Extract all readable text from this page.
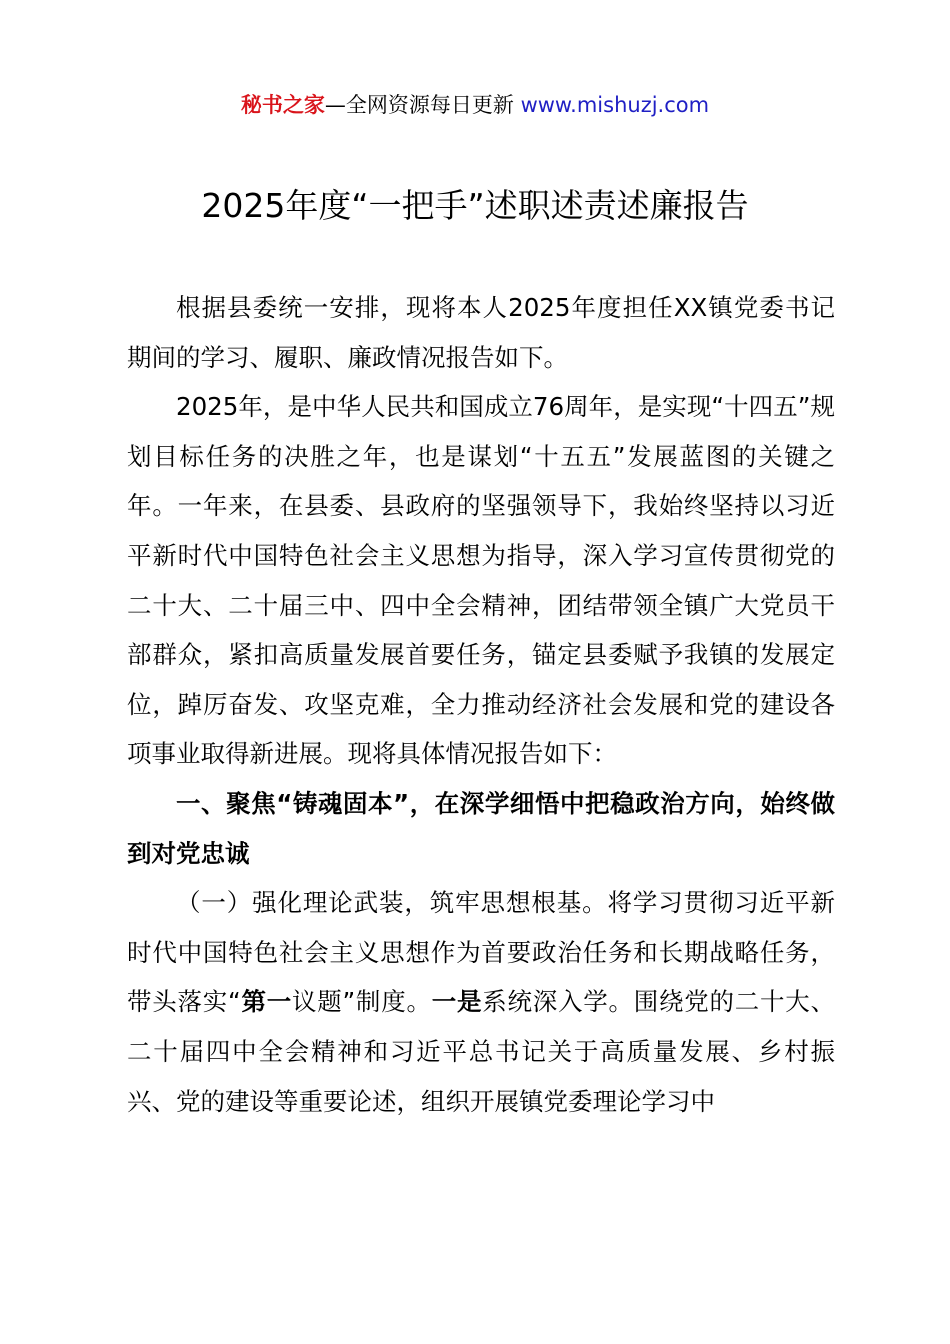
秘书之家—全网资源每日更新 www.mishuzj.com
2025年度“一把手”述职述责述廉报告

根据县委统一安排，现将本人2025年度担任XX镇党委书记期间的学习、履职、廉政情况报告如下。

2025年，是中华人民共和国成立76周年，是实现“十四五”规划目标任务的决胜之年，也是谋划“十五五”发展蓝图的关键之年。一年来，在县委、县政府的坚强领导下，我始终坚持以习近平新时代中国特色社会主义思想为指导，深入学习宣传贯彻党的二十大、二十届三中、四中全会精神，团结带领全镇广大党员干部群众，紧扣高质量发展首要任务，锚定县委赋予我镇的发展定位，踔厉奋发、攻坚克难，全力推动经济社会发展和党的建设各项事业取得新进展。现将具体情况报告如下：

一、聚焦“铸魂固本”，在深学细悟中把稳政治方向，始终做到对党忠诚

（一）强化理论武装，筑牢思想根基。将学习贯彻习近平新时代中国特色社会主义思想作为首要政治任务和长期战略任务，带头落实“第一议题”制度。一是系统深入学。围绕党的二十大、二十届四中全会精神和习近平总书记关于高质量发展、乡村振兴、党的建设等重要论述，组织开展镇党委理论学习中
